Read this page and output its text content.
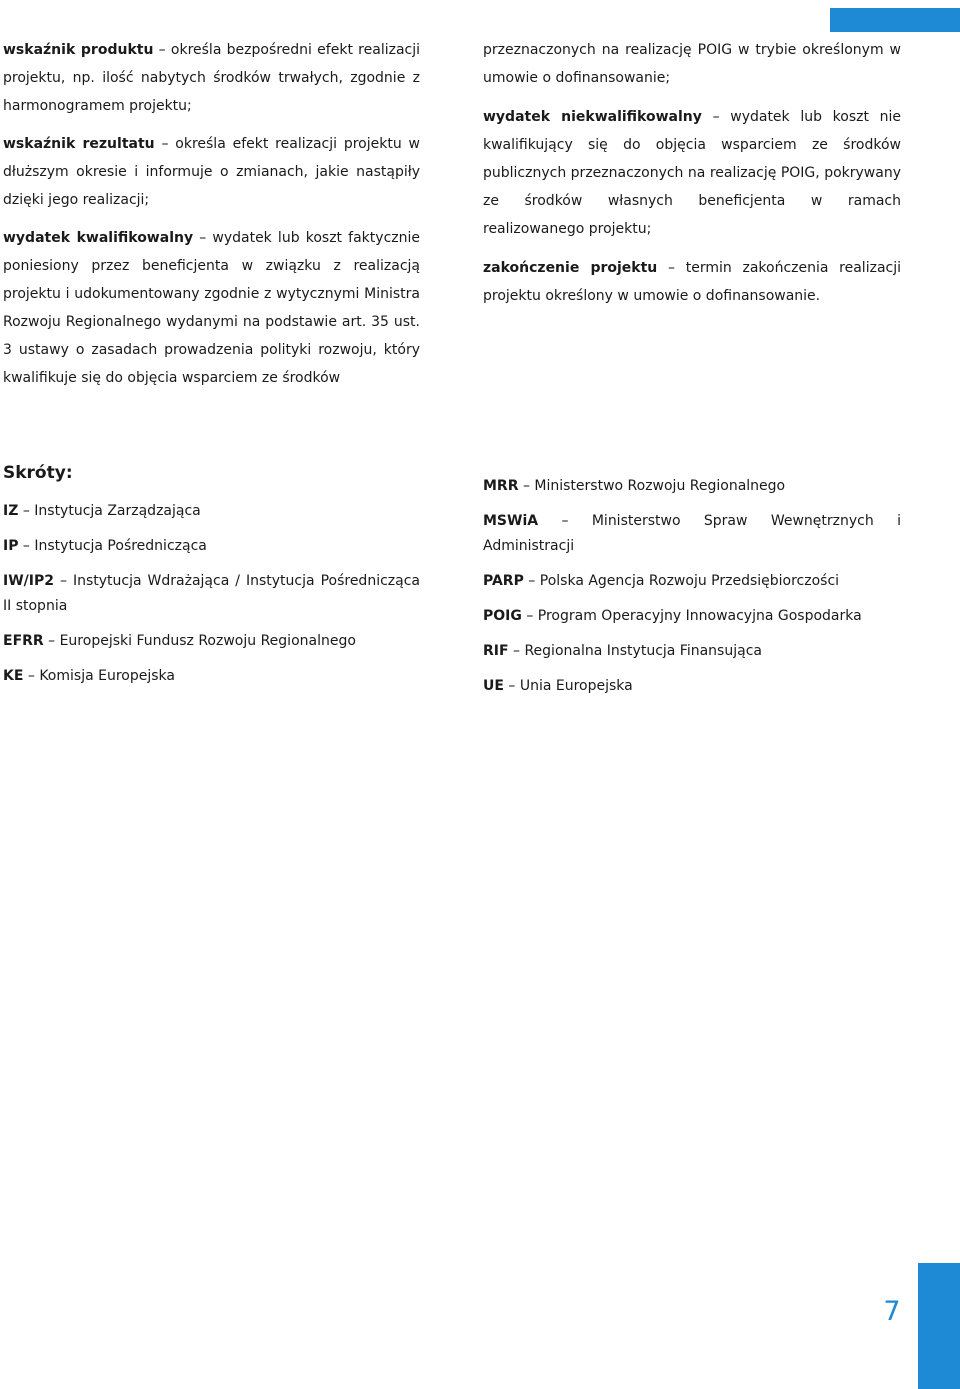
wskaźnik produktu – określa bezpośredni efekt realizacji projektu, np. ilość nabytych środków trwałych, zgodnie z harmonogramem projektu;

wskaźnik rezultatu – określa efekt realizacji projektu w dłuższym okresie i informuje o zmianach, jakie nastąpiły dzięki jego realizacji;

wydatek kwalifikowalny – wydatek lub koszt faktycznie poniesiony przez beneficjenta w związku z realizacją projektu i udokumentowany zgodnie z wytycznymi Ministra Rozwoju Regionalnego wydanymi na podstawie art. 35 ust. 3 ustawy o zasadach prowadzenia polityki rozwoju, który kwalifikuje się do objęcia wsparciem ze środków

przeznaczonych na realizację POIG w trybie określonym w umowie o dofinansowanie;

wydatek niekwalifikowalny – wydatek lub koszt nie kwalifikujący się do objęcia wsparciem ze środków publicznych przeznaczonych na realizację POIG, pokrywany ze środków własnych beneficjenta w ramach realizowanego projektu;

zakończenie projektu – termin zakończenia realizacji projektu określony w umowie o dofinansowanie.

Skróty:

IZ – Instytucja Zarządzająca

IP – Instytucja Pośrednicząca

IW/IP2 – Instytucja Wdrażająca / Instytucja Pośrednicząca II stopnia

EFRR – Europejski Fundusz Rozwoju Regionalnego

KE – Komisja Europejska

MRR – Ministerstwo Rozwoju Regionalnego

MSWiA – Ministerstwo Spraw Wewnętrznych i Administracji

PARP – Polska Agencja Rozwoju Przedsiębiorczości

POIG – Program Operacyjny Innowacyjna Gospodarka

RIF – Regionalna Instytucja Finansująca

UE – Unia Europejska

7
